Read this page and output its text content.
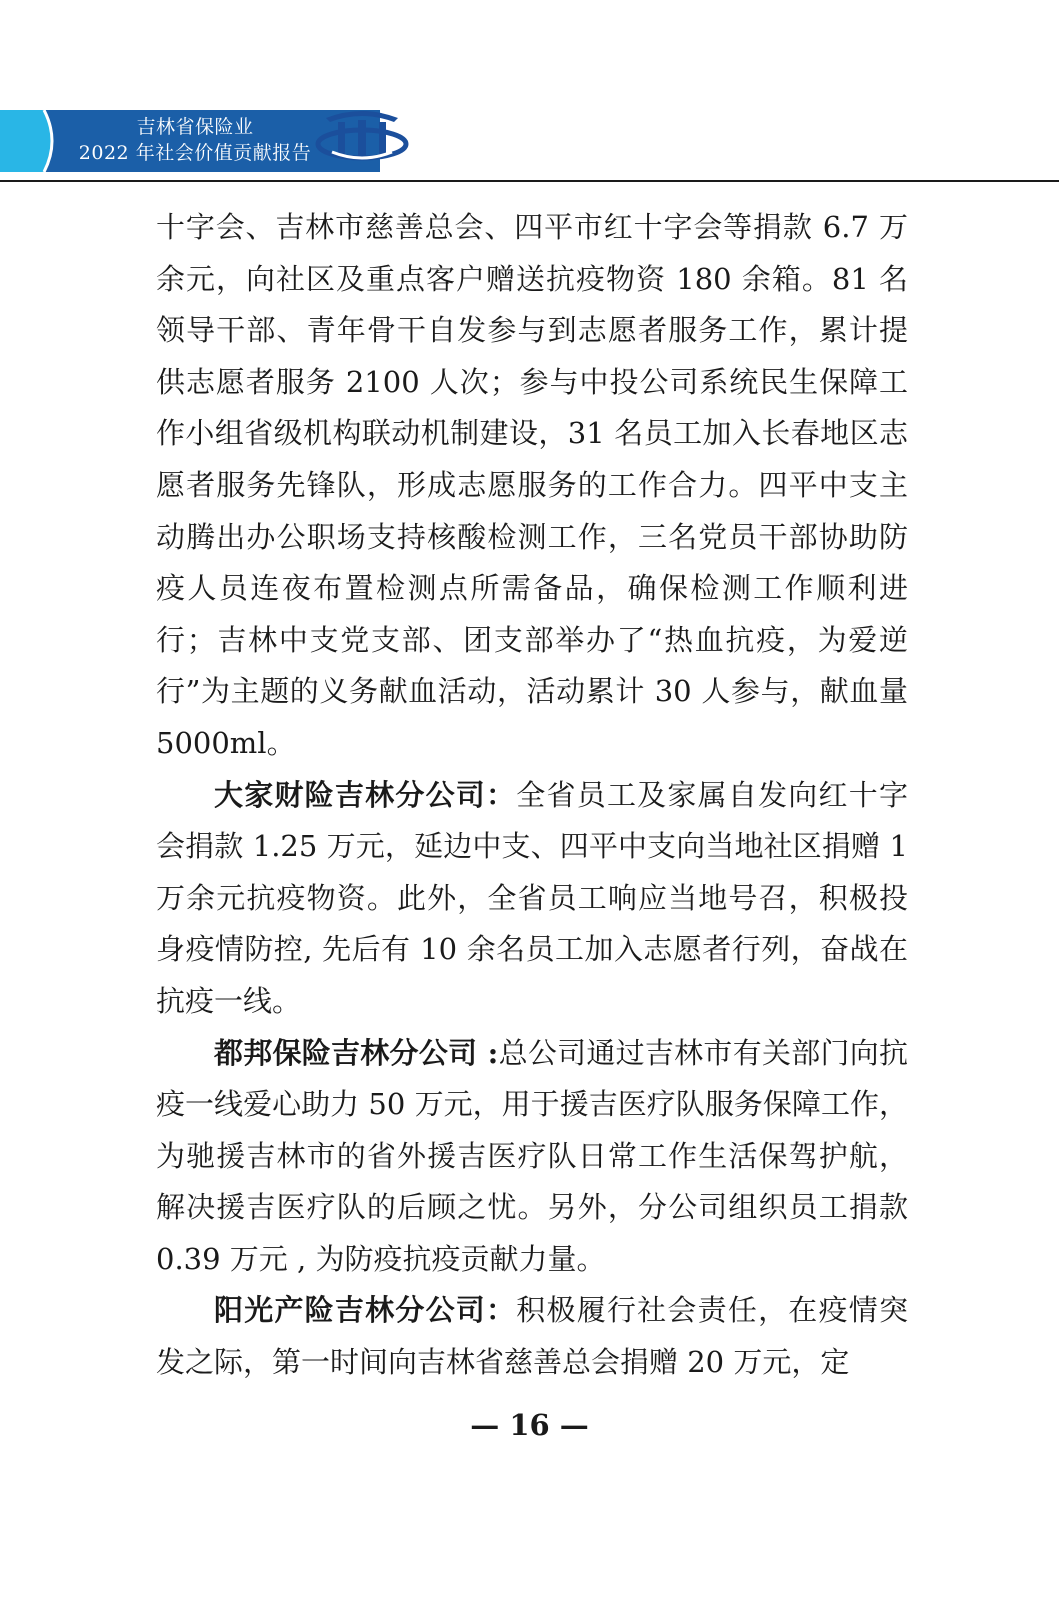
吉林省保险业
2022 年社会价值贡献报告

十字会、吉林市慈善总会、四平市红十字会等捐款 6.7 万余元，向社区及重点客户赠送抗疫物资 180 余箱。81 名领导干部、青年骨干自发参与到志愿者服务工作，累计提供志愿者服务 2100 人次；参与中投公司系统民生保障工作小组省级机构联动机制建设，31 名员工加入长春地区志愿者服务先锋队，形成志愿服务的工作合力。四平中支主动腾出办公职场支持核酸检测工作，三名党员干部协助防疫人员连夜布置检测点所需备品，确保检测工作顺利进行；吉林中支党支部、团支部举办了“热血抗疫，为爱逆行”为主题的义务献血活动，活动累计 30 人参与，献血量 5000ml。

大家财险吉林分公司：全省员工及家属自发向红十字会捐款 1.25 万元，延边中支、四平中支向当地社区捐赠 1 万余元抗疫物资。此外，全省员工响应当地号召，积极投身疫情防控, 先后有 10 余名员工加入志愿者行列，奋战在抗疫一线。

都邦保险吉林分公司 :总公司通过吉林市有关部门向抗疫一线爱心助力 50 万元，用于援吉医疗队服务保障工作，为驰援吉林市的省外援吉医疗队日常工作生活保驾护航，解决援吉医疗队的后顾之忧。另外，分公司组织员工捐款 0.39 万元 , 为防疫抗疫贡献力量。

阳光产险吉林分公司：积极履行社会责任，在疫情突发之际，第一时间向吉林省慈善总会捐赠 20 万元，定

— 16 —
